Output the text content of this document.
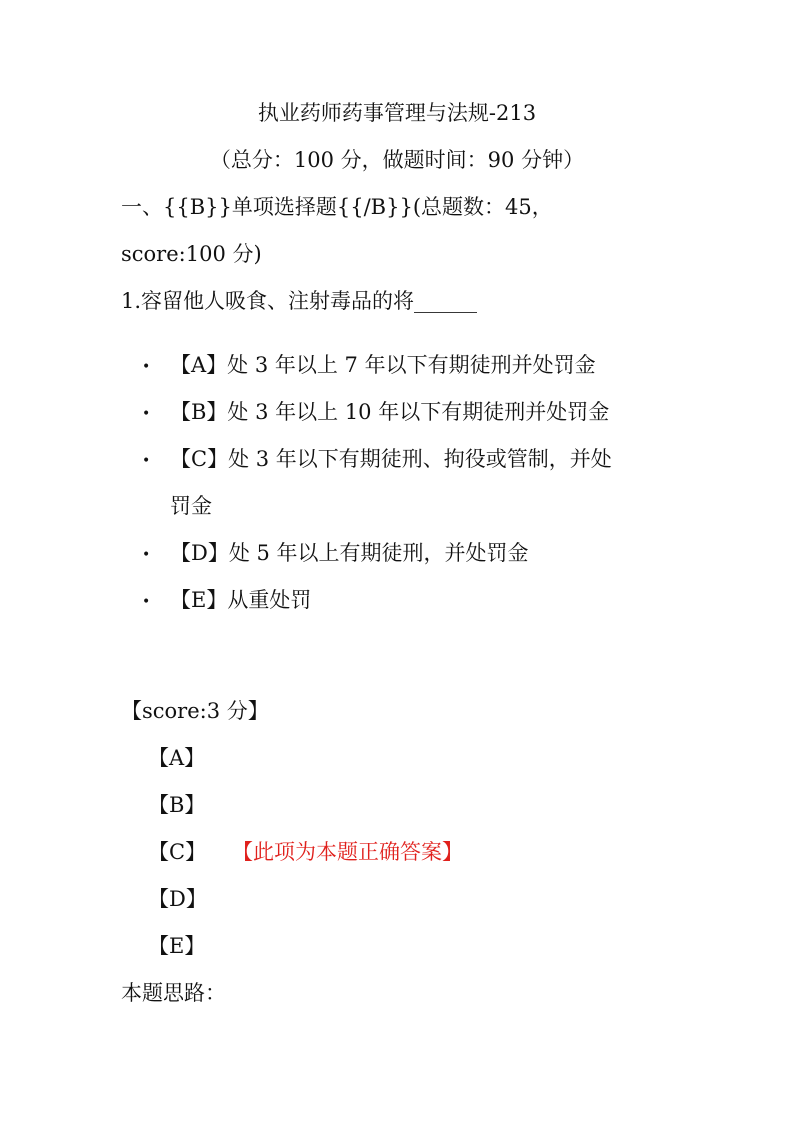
执业药师药事管理与法规-213
（总分：100 分，做题时间：90 分钟）
一、{{B}}单项选择题{{/B}}(总题数：45，
score:100 分)
1.容留他人吸食、注射毒品的将______
• 【A】处 3 年以上 7 年以下有期徒刑并处罚金
• 【B】处 3 年以上 10 年以下有期徒刑并处罚金
• 【C】处 3 年以下有期徒刑、拘役或管制，并处
罚金
• 【D】处 5 年以上有期徒刑，并处罚金
• 【E】从重处罚
【score:3 分】
【A】
【B】
【C】 【此项为本题正确答案】
【D】
【E】
本题思路：
